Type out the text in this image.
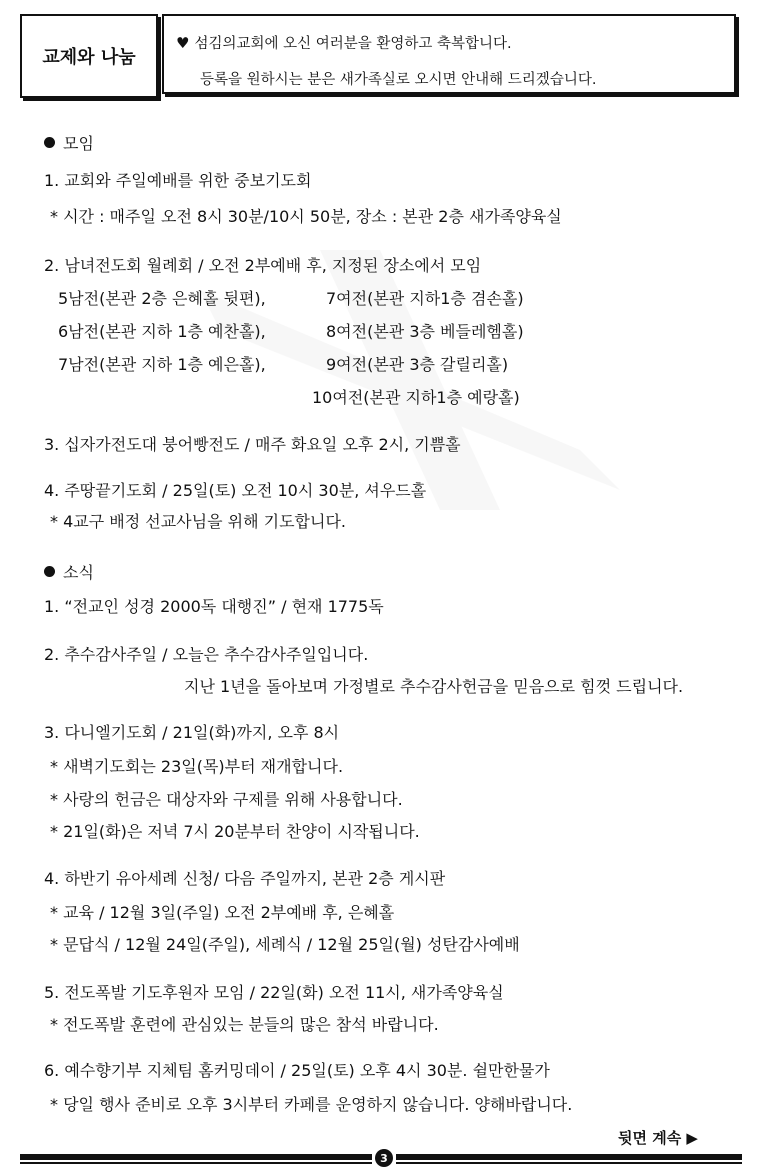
교제와 나눔
♥ 섬김의교회에 오신 여러분을 환영하고 축복합니다.
등록을 원하시는 분은 새가족실로 오시면 안내해 드리겠습니다.
모임
1. 교회와 주일예배를 위한 중보기도회
* 시간 : 매주일 오전 8시 30분/10시 50분, 장소 : 본관 2층 새가족양육실
2. 남녀전도회 월례회 / 오전 2부예배 후, 지정된 장소에서 모임
5남전(본관 2층 은혜홀 뒷편),
6남전(본관 지하 1층 예찬홀),
7남전(본관 지하 1층 예은홀),
7여전(본관 지하1층 겸손홀)
8여전(본관 3층 베들레헴홀)
9여전(본관 3층 갈릴리홀)
10여전(본관 지하1층 예랑홀)
3. 십자가전도대 붕어빵전도 / 매주 화요일 오후 2시, 기쁨홀
4. 주땅끝기도회 / 25일(토) 오전 10시 30분, 셔우드홀
* 4교구 배정 선교사님을 위해 기도합니다.
소식
1. “전교인 성경 2000독 대행진” / 현재 1775독
2. 추수감사주일 / 오늘은 추수감사주일입니다.
지난 1년을 돌아보며 가정별로 추수감사헌금을 믿음으로 힘껏 드립니다.
3. 다니엘기도회 / 21일(화)까지, 오후 8시
* 새벽기도회는 23일(목)부터 재개합니다.
* 사랑의 헌금은 대상자와 구제를 위해 사용합니다.
* 21일(화)은 저녁 7시 20분부터 찬양이 시작됩니다.
4. 하반기 유아세례 신청/ 다음 주일까지, 본관 2층 게시판
* 교육 / 12월 3일(주일) 오전 2부예배 후, 은혜홀
* 문답식 / 12월 24일(주일), 세례식 / 12월 25일(월) 성탄감사예배
5. 전도폭발 기도후원자 모임 / 22일(화) 오전 11시, 새가족양육실
* 전도폭발 훈련에 관심있는 분들의 많은 참석 바랍니다.
6. 예수향기부 지체팀 홈커밍데이 / 25일(토) 오후 4시 30분. 쉴만한물가
* 당일 행사 준비로 오후 3시부터 카페를 운영하지 않습니다. 양해바랍니다.
뒷면 계속 ▶
3
